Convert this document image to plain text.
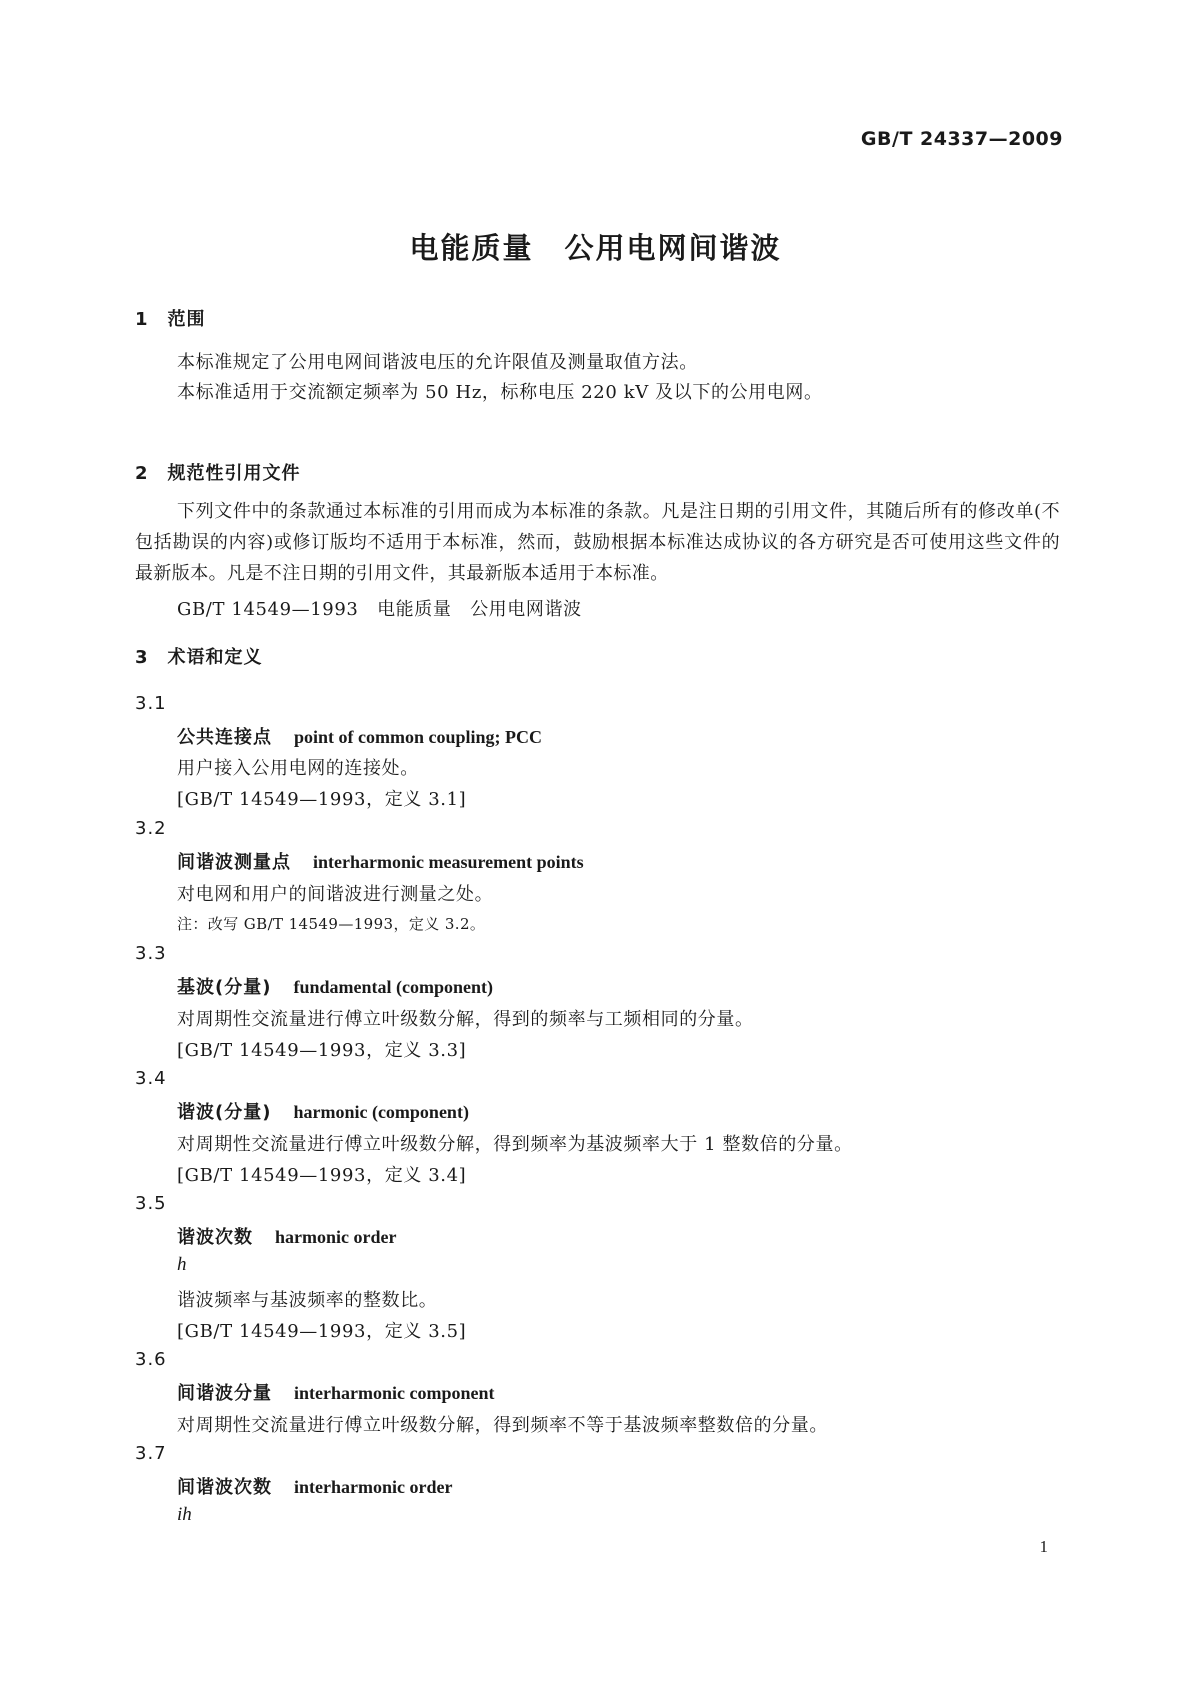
GB/T 24337—2009
电能质量　公用电网间谐波
1　范围
本标准规定了公用电网间谐波电压的允许限值及测量取值方法。
本标准适用于交流额定频率为 50 Hz，标称电压 220 kV 及以下的公用电网。
2　规范性引用文件
下列文件中的条款通过本标准的引用而成为本标准的条款。凡是注日期的引用文件，其随后所有的修改单(不包括勘误的内容)或修订版均不适用于本标准，然而，鼓励根据本标准达成协议的各方研究是否可使用这些文件的最新版本。凡是不注日期的引用文件，其最新版本适用于本标准。
GB/T 14549—1993　电能质量　公用电网谐波
3　术语和定义
3.1
公共连接点 point of common coupling; PCC
用户接入公用电网的连接处。
[GB/T 14549—1993，定义 3.1]
3.2
间谐波测量点 interharmonic measurement points
对电网和用户的间谐波进行测量之处。
注：改写 GB/T 14549—1993，定义 3.2。
3.3
基波(分量) fundamental (component)
对周期性交流量进行傅立叶级数分解，得到的频率与工频相同的分量。
[GB/T 14549—1993，定义 3.3]
3.4
谐波(分量) harmonic (component)
对周期性交流量进行傅立叶级数分解，得到频率为基波频率大于 1 整数倍的分量。
[GB/T 14549—1993，定义 3.4]
3.5
谐波次数 harmonic order
h
谐波频率与基波频率的整数比。
[GB/T 14549—1993，定义 3.5]
3.6
间谐波分量 interharmonic component
对周期性交流量进行傅立叶级数分解，得到频率不等于基波频率整数倍的分量。
3.7
间谐波次数 interharmonic order
ih
1
